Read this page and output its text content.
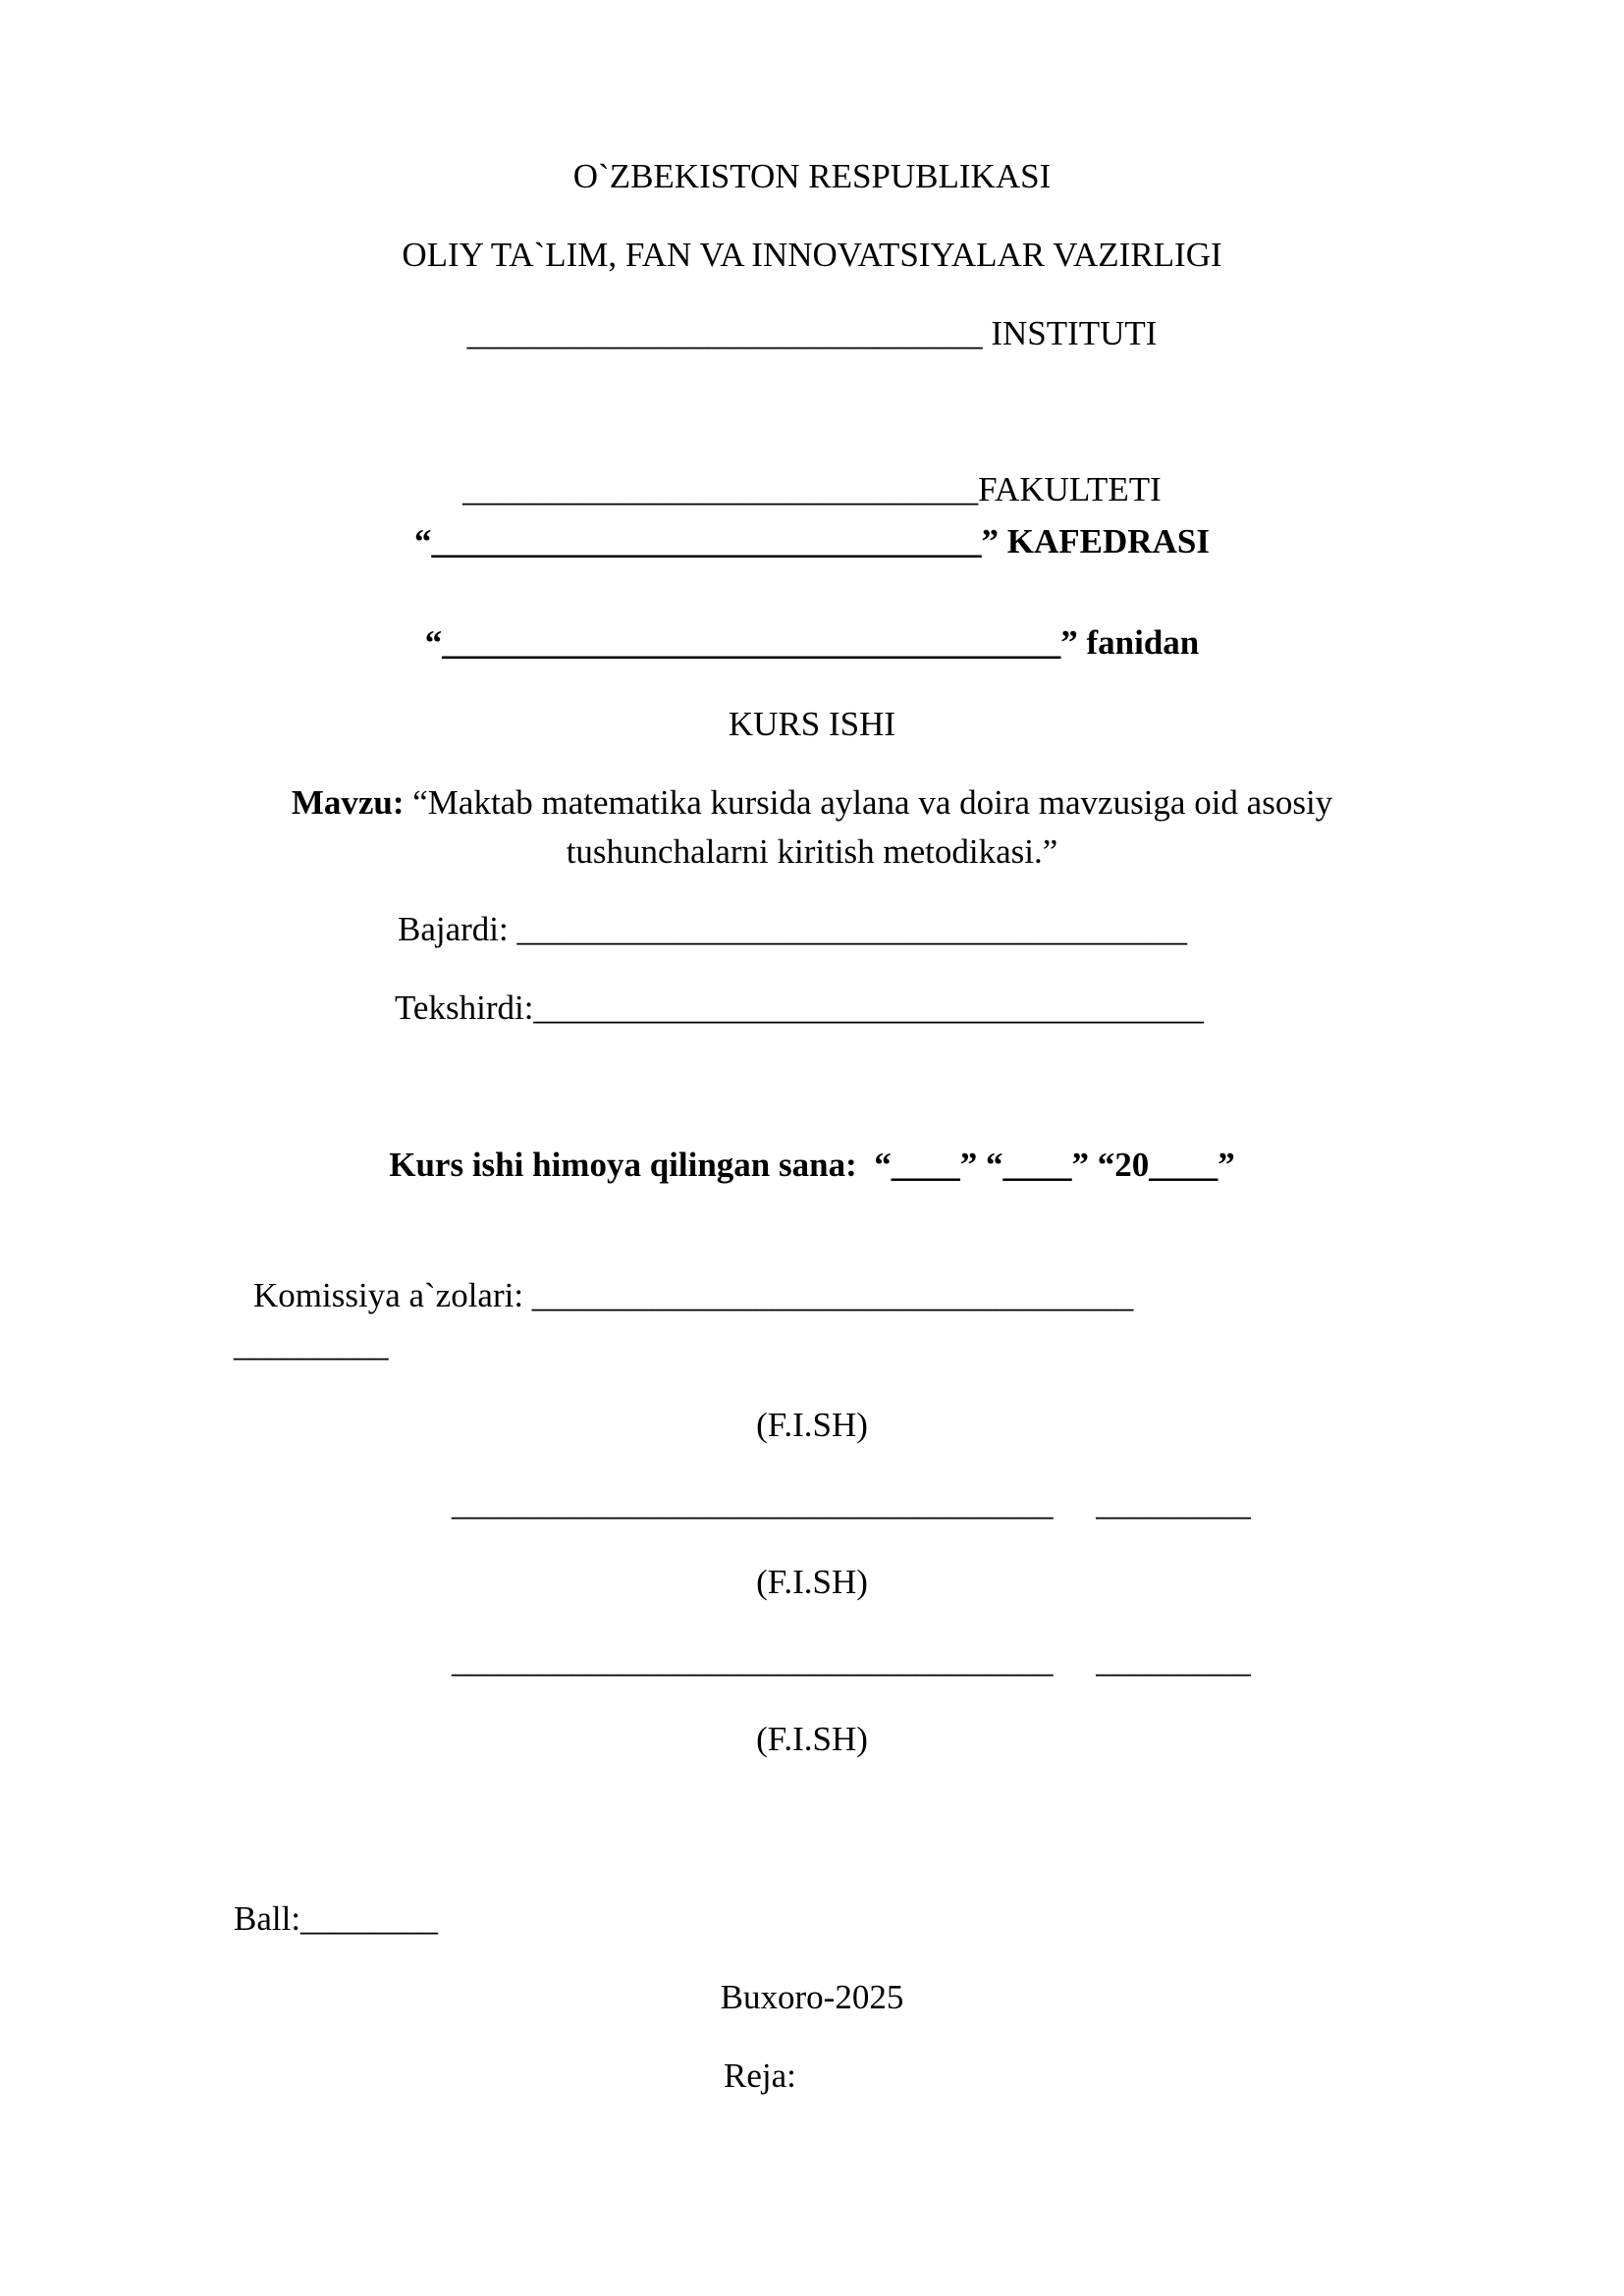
O`ZBEKISTON RESPUBLIKASI
OLIY TA`LIM, FAN VA INNOVATSIYALAR VAZIRLIGI
______________________________ INSTITUTI
______________________________FAKULTETI
“________________________________” KAFEDRASI
“____________________________________” fanidan
KURS ISHI
Mavzu: “Maktab matematika kursida aylana va doira mavzusiga oid asosiy
tushunchalarni kiritish metodikasi.”
Bajardi: _______________________________________
Tekshirdi:_______________________________________
Kurs ishi himoya qilingan sana:  “____” “____” “20____”
Komissiya a`zolari: ___________________________________
_________
(F.I.SH)
___________________________________     _________
(F.I.SH)
___________________________________     _________
(F.I.SH)
Ball:________
Buxoro-2025
Reja:
